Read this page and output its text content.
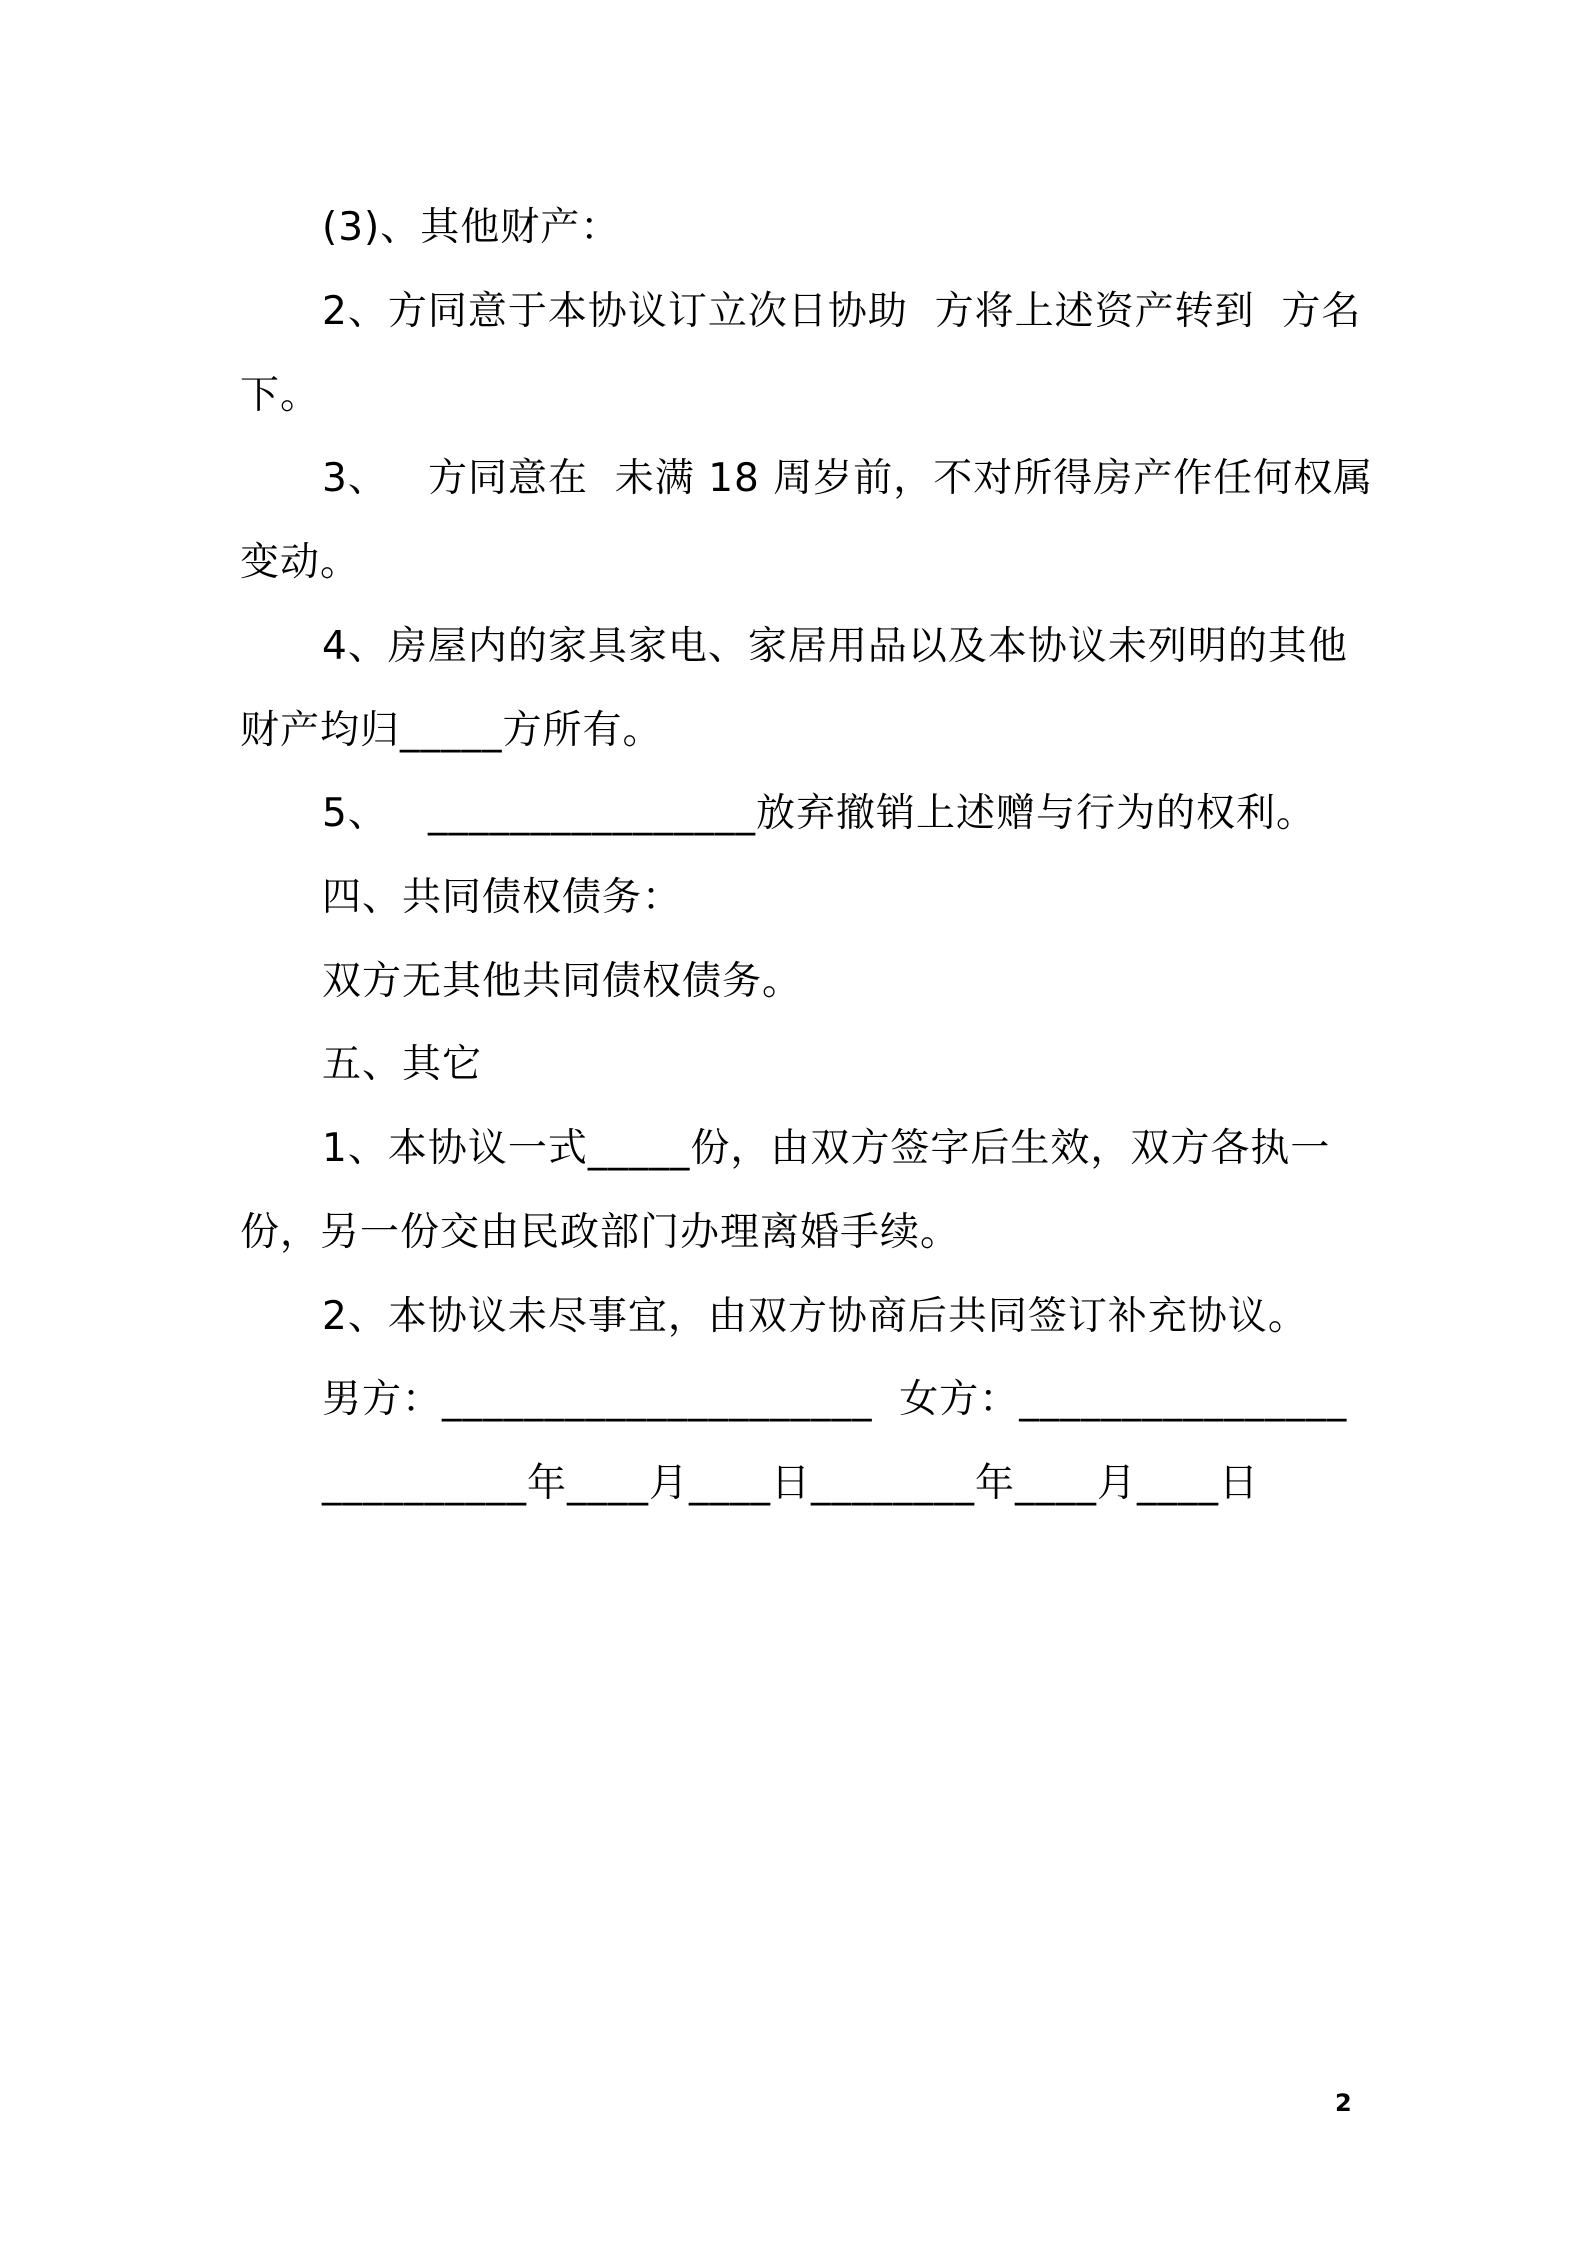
(3)、其他财产：
2、方同意于本协议订立次日协助  方将上述资产转到  方名
下。
3、   方同意在  未满 18 周岁前，不对所得房产作任何权属
变动。
4、房屋内的家具家电、家居用品以及本协议未列明的其他
财产均归_____方所有。
5、   ________________放弃撤销上述赠与行为的权利。
四、共同债权债务：
双方无其他共同债权债务。
五、其它
1、本协议一式_____份，由双方签字后生效，双方各执一
份，另一份交由民政部门办理离婚手续。
2、本协议未尽事宜，由双方协商后共同签订补充协议。
男方：_____________________  女方：________________
__________年____月____日________年____月____日
2
